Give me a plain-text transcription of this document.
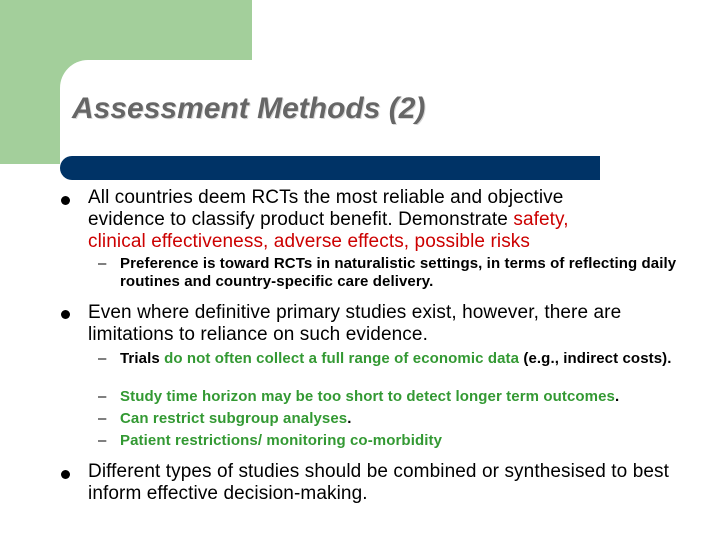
Assessment Methods (2)

All countries deem RCTs the most reliable and objective
evidence to classify product benefit. Demonstrate safety,
clinical effectiveness, adverse effects, possible risks

– Preference is toward RCTs in naturalistic settings, in terms of reflecting daily routines and country-specific care delivery.

Even where definitive primary studies exist, however, there are limitations to reliance on such evidence.

– Trials do not often collect a full range of economic data (e.g., indirect costs).

– Study time horizon may be too short to detect longer term outcomes.

– Can restrict subgroup analyses.

– Patient restrictions/ monitoring co-morbidity

Different types of studies should be combined or synthesised to best inform effective decision-making.
